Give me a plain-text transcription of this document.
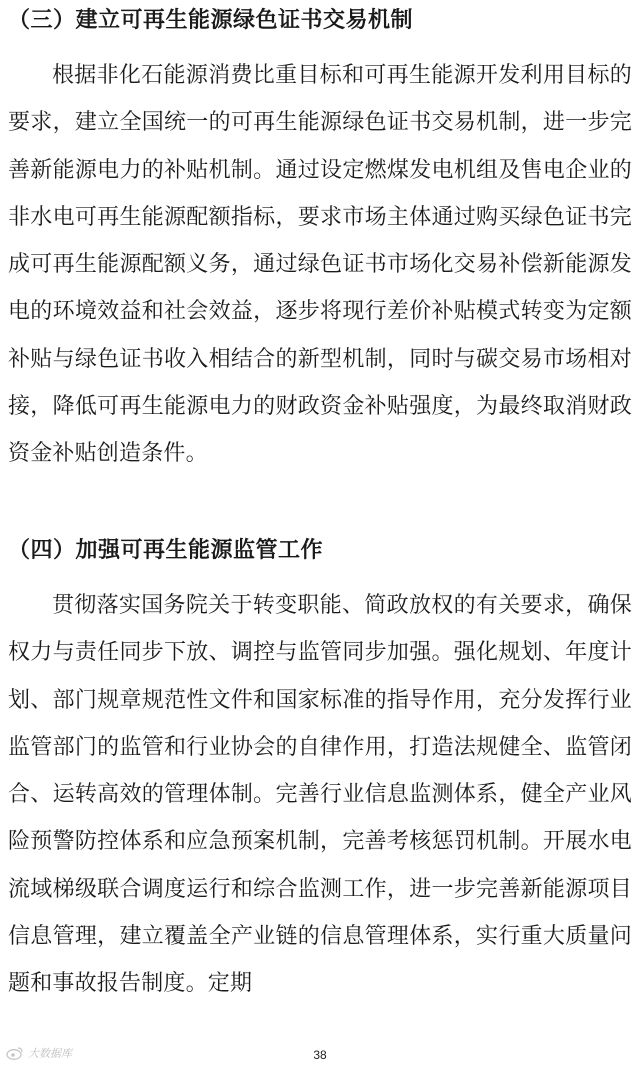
（三）建立可再生能源绿色证书交易机制
根据非化石能源消费比重目标和可再生能源开发利用目标的要求，建立全国统一的可再生能源绿色证书交易机制，进一步完善新能源电力的补贴机制。通过设定燃煤发电机组及售电企业的非水电可再生能源配额指标，要求市场主体通过购买绿色证书完成可再生能源配额义务，通过绿色证书市场化交易补偿新能源发电的环境效益和社会效益，逐步将现行差价补贴模式转变为定额补贴与绿色证书收入相结合的新型机制，同时与碳交易市场相对接，降低可再生能源电力的财政资金补贴强度，为最终取消财政资金补贴创造条件。
（四）加强可再生能源监管工作
贯彻落实国务院关于转变职能、简政放权的有关要求，确保权力与责任同步下放、调控与监管同步加强。强化规划、年度计划、部门规章规范性文件和国家标准的指导作用，充分发挥行业监管部门的监管和行业协会的自律作用，打造法规健全、监管闭合、运转高效的管理体制。完善行业信息监测体系，健全产业风险预警防控体系和应急预案机制，完善考核惩罚机制。开展水电流域梯级联合调度运行和综合监测工作，进一步完善新能源项目信息管理，建立覆盖全产业链的信息管理体系，实行重大质量问题和事故报告制度。定期
大数据库	38
